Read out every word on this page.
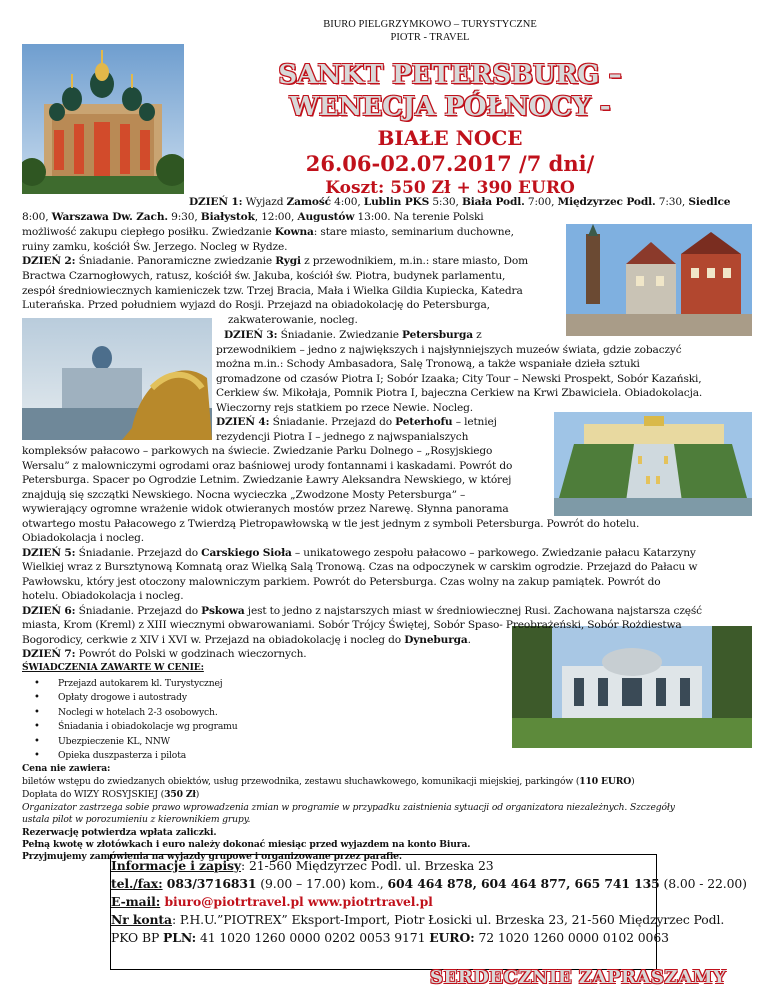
BIURO PIELGRZYMKOWO – TURYSTYCZNE
PIOTR - TRAVEL
SANKT PETERSBURG –
WENECJA PÓŁNOCY -
BIAŁE NOCE
26.06-02.07.2017 /7 dni/
Koszt: 550 Zł + 390 EURO
DZIEŃ 1: Wyjazd Zamość 4:00, Lublin PKS 5:30, Biała Podl. 7:00, Międzyrzec Podl. 7:30, Siedlce
8:00, Warszawa Dw. Zach. 9:30, Białystok, 12:00, Augustów 13:00. Na terenie Polski
możliwość zakupu ciepłego posiłku. Zwiedzanie Kowna: stare miasto, seminarium duchowne,
ruiny zamku, kościół Św. Jerzego. Nocleg w Rydze.
DZIEŃ 2: Śniadanie. Panoramiczne zwiedzanie Rygi z przewodnikiem, m.in.: stare miasto, Dom
Bractwa Czarnogłowych, ratusz, kościół św. Jakuba, kościół św. Piotra, budynek parlamentu,
zespół średniowiecznych kamieniczek tzw. Trzej Bracia, Mała i Wielka Gildia Kupiecka, Katedra
Luterańska. Przed południem wyjazd do Rosji. Przejazd na obiadokolację do Petersburga,
zakwaterowanie, nocleg.
DZIEŃ 3: Śniadanie. Zwiedzanie Petersburga z
przewodnikiem – jedno z największych i najsłynniejszych muzeów świata, gdzie zobaczyć
można m.in.: Schody Ambasadora, Salę Tronową, a także wspaniałe dzieła sztuki
gromadzone od czasów Piotra I; Sobór Izaaka; City Tour – Newski Prospekt, Sobór Kazański,
Cerkiew św. Mikołaja, Pomnik Piotra I, bajeczna Cerkiew na Krwi Zbawiciela. Obiadokolacja.
Wieczorny rejs statkiem po rzece Newie. Nocleg.
DZIEŃ 4: Śniadanie. Przejazd do Peterhofu – letniej
rezydencji Piotra I – jednego z najwspanialszych
kompleksów pałacowo – parkowych na świecie. Zwiedzanie Parku Dolnego – „Rosyjskiego
Wersalu” z malowniczymi ogrodami oraz baśniowej urody fontannami i kaskadami. Powrót do
Petersburga. Spacer po Ogrodzie Letnim. Zwiedzanie Ławry Aleksandra Newskiego, w której
znajdują się szczątki Newskiego. Nocna wycieczka „Zwodzone Mosty Petersburga” –
wywierający ogromne wrażenie widok otwieranych mostów przez Narewę. Słynna panorama
otwartego mostu Pałacowego z Twierdzą Pietropawłowską w tle jest jednym z symboli Petersburga. Powrót do hotelu.
Obiadokolacja i nocleg.
DZIEŃ 5: Śniadanie. Przejazd do Carskiego Sioła – unikatowego zespołu pałacowo – parkowego. Zwiedzanie pałacu Katarzyny
Wielkiej wraz z Bursztynową Komnatą oraz Wielką Salą Tronową. Czas na odpoczynek w carskim ogrodzie. Przejazd do Pałacu w
Pawłowsku, który jest otoczony malowniczym parkiem. Powrót do Petersburga. Czas wolny na zakup pamiątek. Powrót do
hotelu. Obiadokolacja i nocleg.
DZIEŃ 6: Śniadanie. Przejazd do Pskowa jest to jedno z najstarszych miast w średniowiecznej Rusi. Zachowana najstarsza część
miasta, Krom (Kreml) z XIII wiecznymi obwarowaniami. Sobór Trójcy Świętej, Sobór Spaso- Preobrażeński, Sobór Rożdiestwa
Bogorodicy, cerkwie z XIV i XVI w. Przejazd na obiadokolację i nocleg do Dyneburga.
DZIEŃ 7: Powrót do Polski w godzinach wieczornych.
ŚWIADCZENIA ZAWARTE W CENIE:
• Przejazd autokarem kl. Turystycznej
• Opłaty drogowe i autostrady
• Noclegi w hotelach 2-3 osobowych.
• Śniadania i obiadokolacje wg programu
• Ubezpieczenie KL, NNW
• Opieka duszpasterza i pilota
Cena nie zawiera:
biletów wstępu do zwiedzanych obiektów, usług przewodnika, zestawu słuchawkowego, komunikacji miejskiej, parkingów (110 EURO)
Dopłata do WIZY ROSYJSKIEJ (350 Zł)
Organizator zastrzega sobie prawo wprowadzenia zmian w programie w przypadku zaistnienia sytuacji od organizatora niezależnych. Szczegóły
ustala pilot w porozumieniu z kierownikiem grupy.
Rezerwację potwierdza wpłata zaliczki.
Pełną kwotę w złotówkach i euro należy dokonać miesiąc przed wyjazdem na konto Biura.
Przyjmujemy zamówienia na wyjazdy grupowe i organizowane przez parafie.
Informacje i zapisy: 21-560 Międzyrzec Podl. ul. Brzeska 23
tel./fax: 083/3716831 (9.00 – 17.00) kom., 604 464 878, 604 464 877, 665 741 135 (8.00 - 22.00)
E-mail: biuro@piotrtravel.pl www.piotrtravel.pl
Nr konta: P.H.U.”PIOTREX” Eksport-Import, Piotr Łosicki ul. Brzeska 23, 21-560 Międzyrzec Podl.
PKO BP PLN: 41 1020 1260 0000 0202 0053 9171 EURO: 72 1020 1260 0000 0102 0063
SERDECZNIE ZAPRASZAMY
